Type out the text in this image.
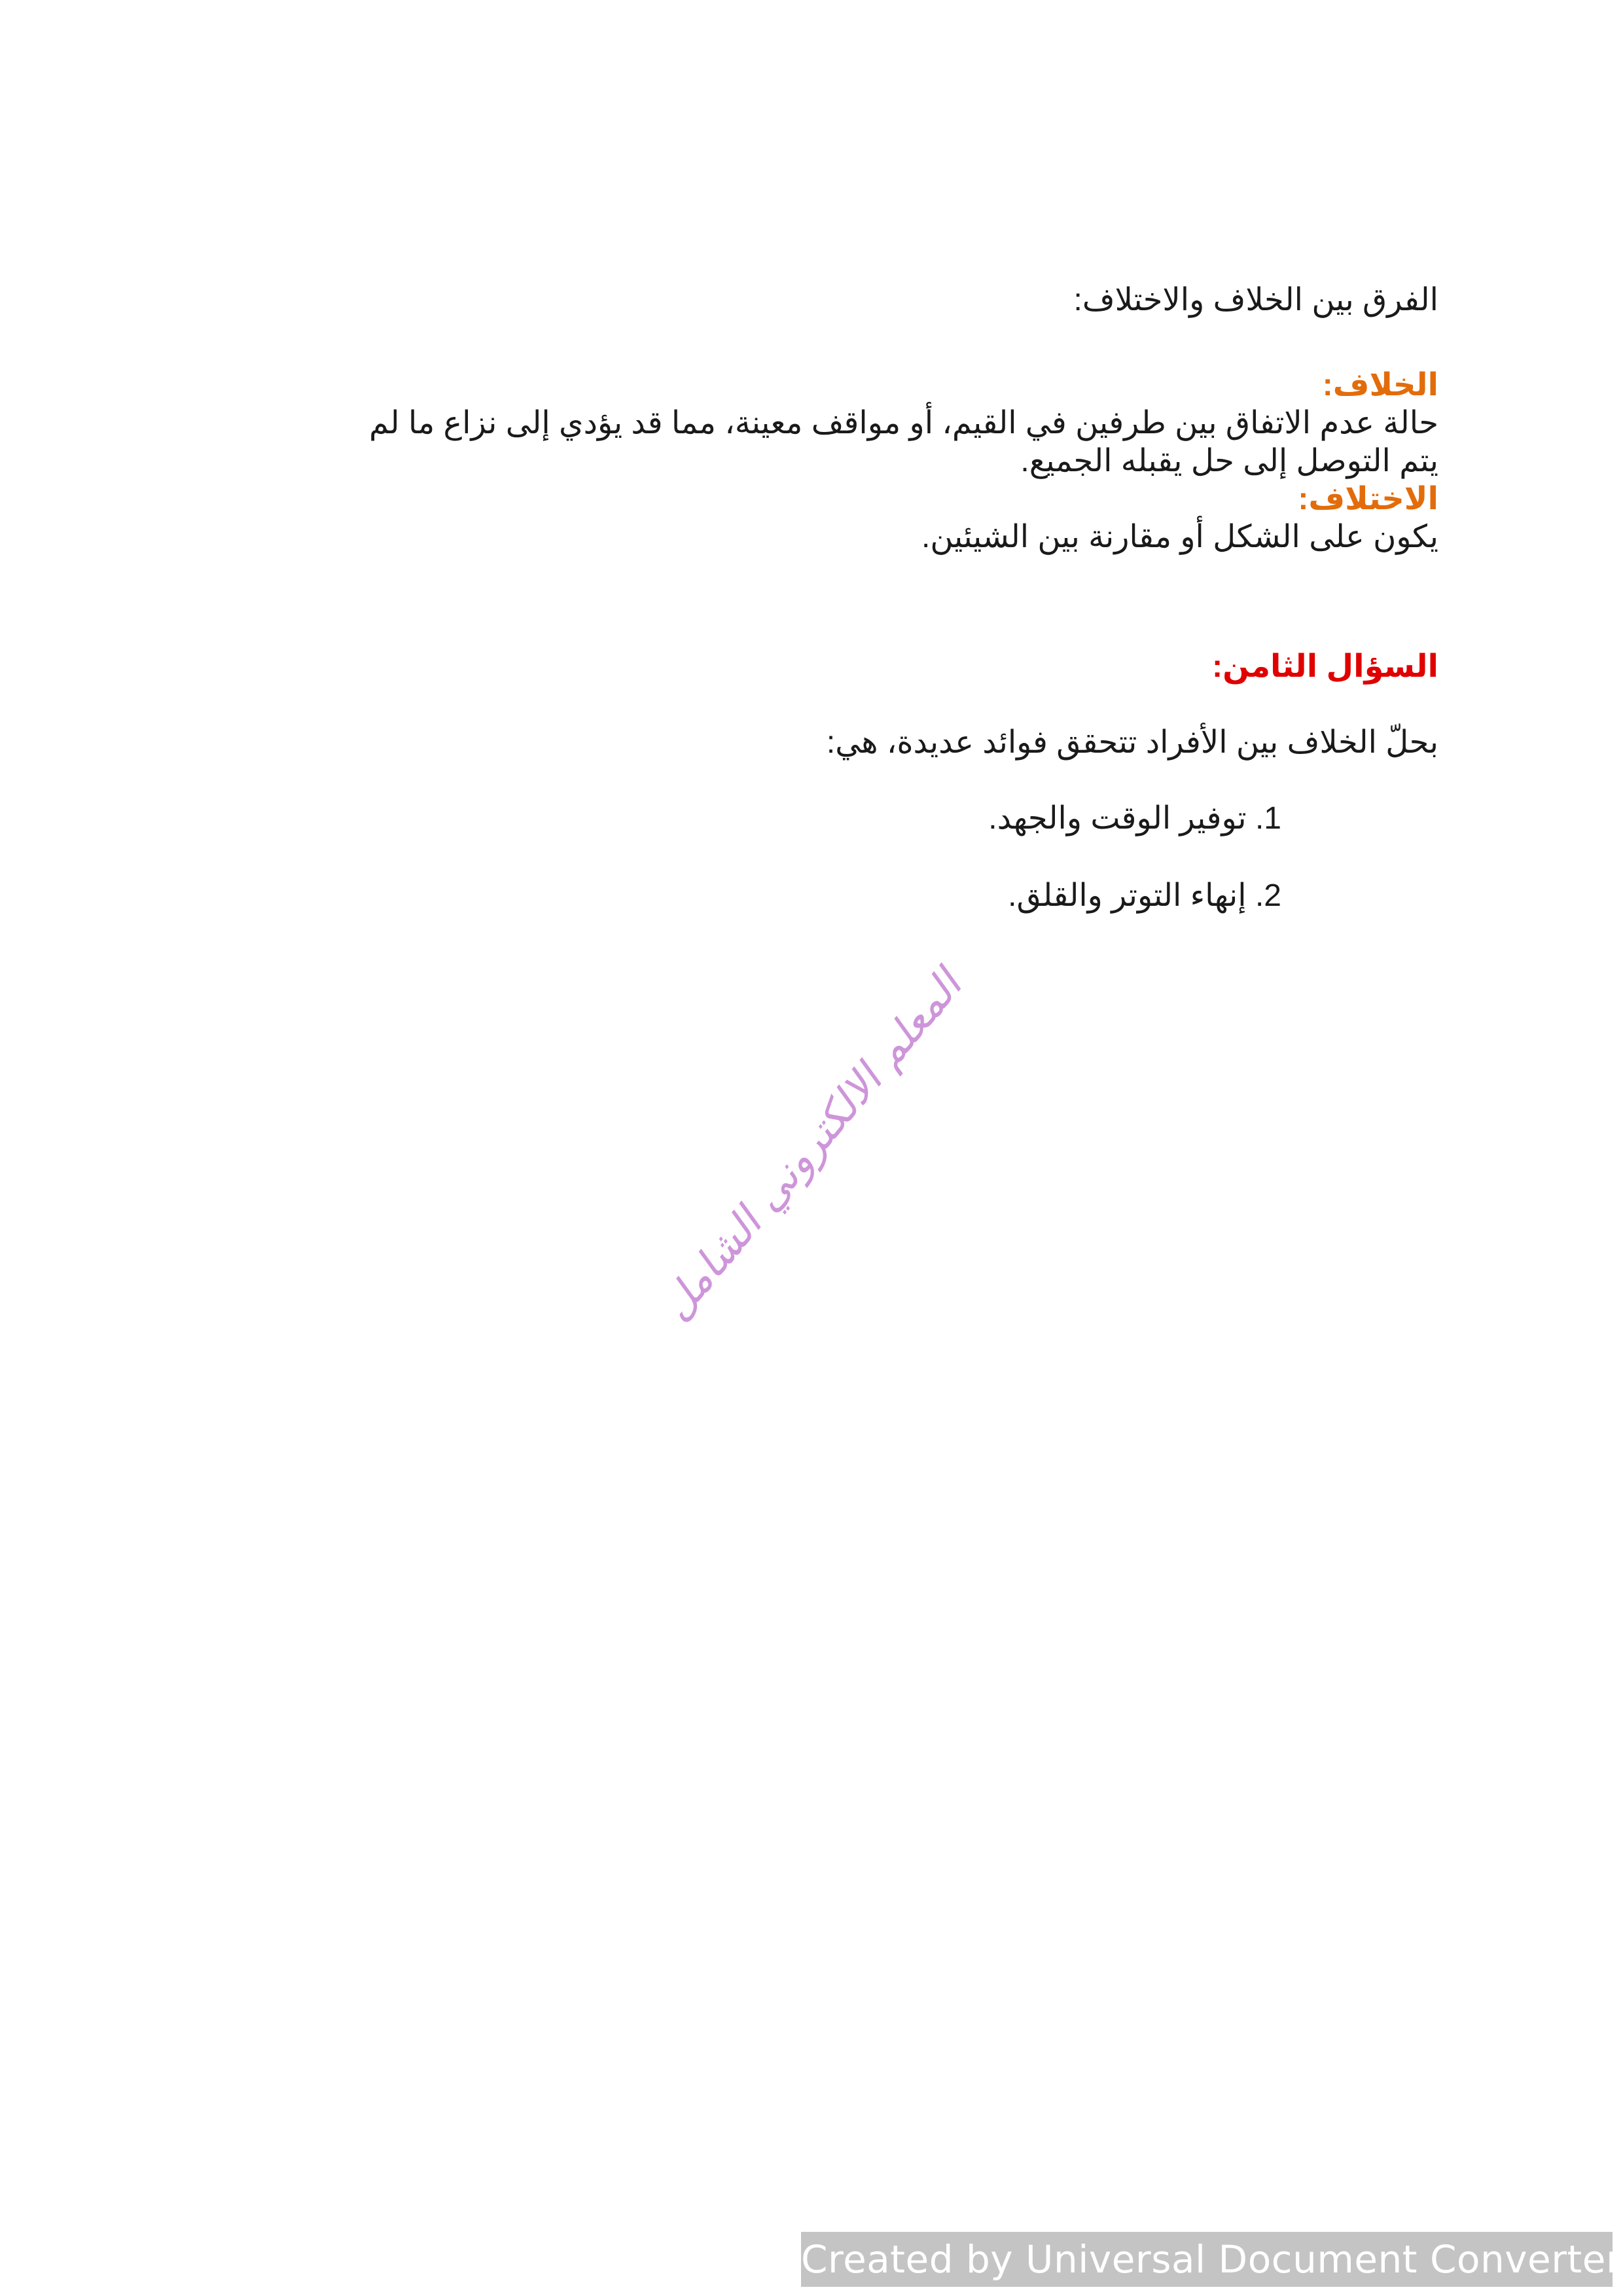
الفرق بين الخلاف والاختلاف:

الخلاف:

حالة عدم الاتفاق بين طرفين في القيم، أو مواقف معينة، مما قد يؤدي إلى نزاع ما لم

يتم التوصل إلى حل يقبله الجميع.

الاختلاف:

يكون على الشكل أو مقارنة بين الشيئين.

السؤال الثامن:

بحلّ الخلاف بين الأفراد تتحقق فوائد عديدة، هي:

1. توفير الوقت والجهد.
2. إنهاء التوتر والقلق.
المعلم الالكتروني الشامل
Created by Universal Document Converter
